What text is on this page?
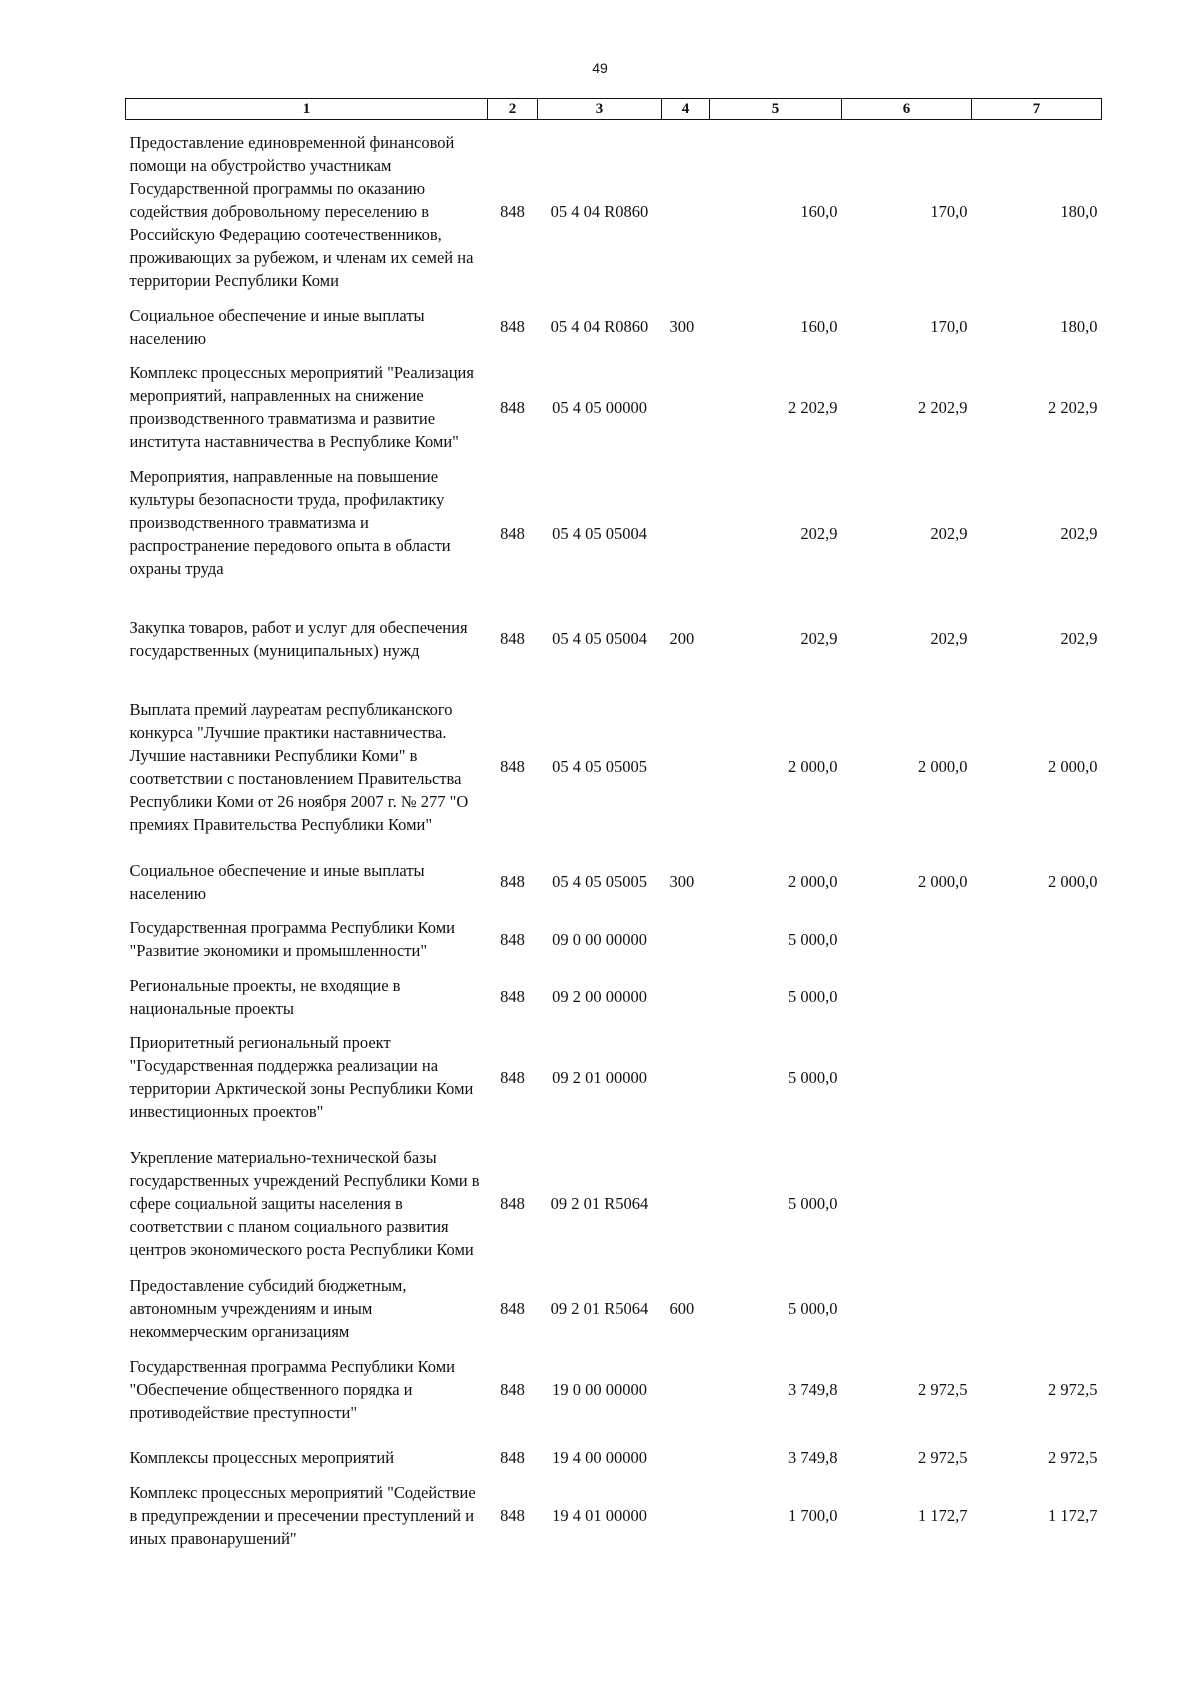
49
1	2	3	4	5	6	7
Предоставление единовременной финансовой помощи на обустройство участникам Государственной программы по оказанию содействия добровольному переселению в Российскую Федерацию соотечественников, проживающих за рубежом, и членам их семей на территории Республики Коми	848	05 4 04 R0860		160,0	170,0	180,0
Социальное обеспечение и иные выплаты населению	848	05 4 04 R0860	300	160,0	170,0	180,0
Комплекс процессных мероприятий "Реализация мероприятий, направленных на снижение производственного травматизма и развитие института наставничества в Республике Коми"	848	05 4 05 00000		2 202,9	2 202,9	2 202,9
Мероприятия, направленные на повышение культуры безопасности труда, профилактику производственного травматизма и распространение передового опыта в области охраны труда	848	05 4 05 05004		202,9	202,9	202,9
Закупка товаров, работ и услуг для обеспечения государственных (муниципальных) нужд	848	05 4 05 05004	200	202,9	202,9	202,9
Выплата премий лауреатам республиканского конкурса "Лучшие практики наставничества. Лучшие наставники Республики Коми" в соответствии с постановлением Правительства Республики Коми от 26 ноября 2007 г. № 277 "О премиях Правительства Республики Коми"	848	05 4 05 05005		2 000,0	2 000,0	2 000,0
Социальное обеспечение и иные выплаты населению	848	05 4 05 05005	300	2 000,0	2 000,0	2 000,0
Государственная программа Республики Коми "Развитие экономики и промышленности"	848	09 0 00 00000		5 000,0		
Региональные проекты, не входящие в национальные проекты	848	09 2 00 00000		5 000,0		
Приоритетный региональный проект "Государственная поддержка реализации на территории Арктической зоны Республики Коми инвестиционных проектов"	848	09 2 01 00000		5 000,0		
Укрепление материально-технической базы государственных учреждений Республики Коми в сфере социальной защиты населения в соответствии с планом социального развития центров экономического роста Республики Коми	848	09 2 01 R5064		5 000,0		
Предоставление субсидий бюджетным, автономным учреждениям и иным некоммерческим организациям	848	09 2 01 R5064	600	5 000,0		
Государственная программа Республики Коми "Обеспечение общественного порядка и противодействие преступности"	848	19 0 00 00000		3 749,8	2 972,5	2 972,5
Комплексы процессных мероприятий	848	19 4 00 00000		3 749,8	2 972,5	2 972,5
Комплекс процессных мероприятий "Содействие в предупреждении и пресечении преступлений и иных правонарушений"	848	19 4 01 00000		1 700,0	1 172,7	1 172,7
